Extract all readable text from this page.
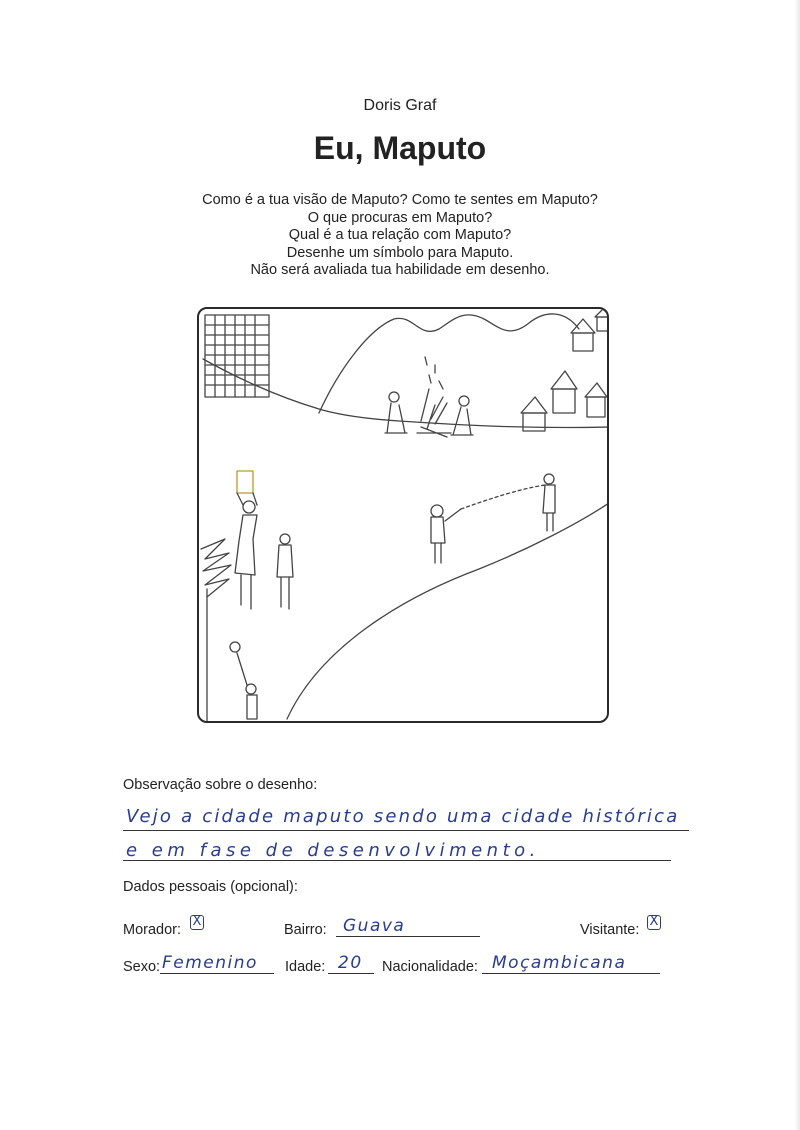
Doris Graf
Eu, Maputo
Como é a tua visão de Maputo? Como te sentes em Maputo?
O que procuras em Maputo?
Qual é a tua relação com Maputo?
Desenhe um símbolo para Maputo.
Não será avaliada tua habilidade em desenho.
Observação sobre o desenho:
Vejo a cidade maputo sendo uma cidade histórica
e em fase de desenvolvimento.
Dados pessoais (opcional):
Morador:
X
Bairro: Guava	Visitante:
X
Sexo: Femenino Idade: 20 Nacionalidade: Moçambicana
